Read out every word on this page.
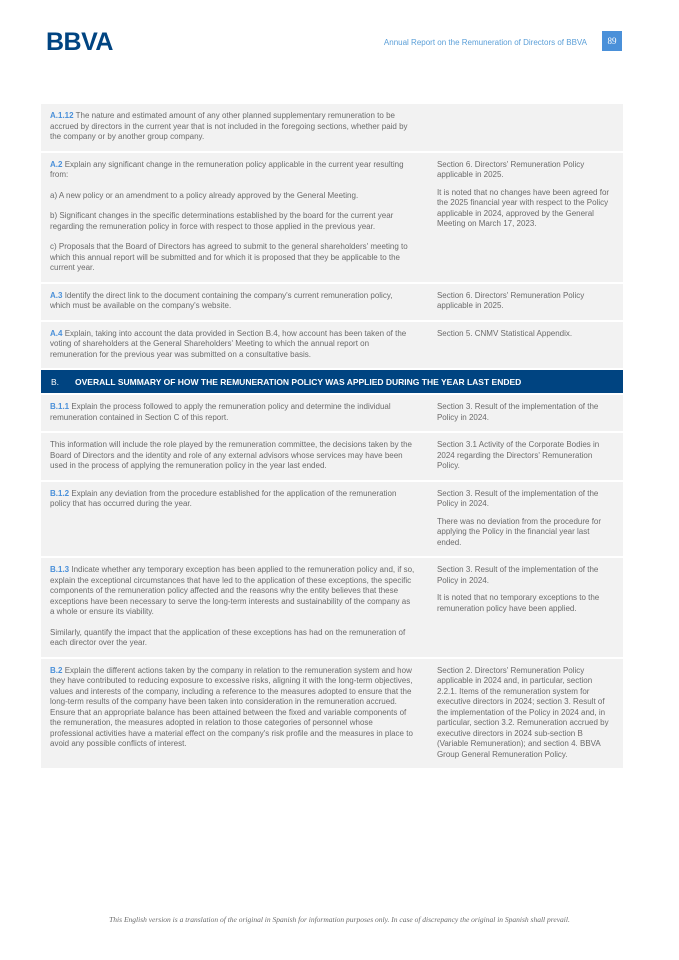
BBVA	Annual Report on the Remuneration of Directors of BBVA	89

A.1.12 The nature and estimated amount of any other planned supplementary remuneration to be accrued by directors in the current year that is not included in the foregoing sections, whether paid by the company or by another group company.

A.2 Explain any significant change in the remuneration policy applicable in the current year resulting from:

a) A new policy or an amendment to a policy already approved by the General Meeting.

b) Significant changes in the specific determinations established by the board for the current year regarding the remuneration policy in force with respect to those applied in the previous year.

c) Proposals that the Board of Directors has agreed to submit to the general shareholders' meeting to which this annual report will be submitted and for which it is proposed that they be applicable to the current year.

Section 6. Directors' Remuneration Policy applicable in 2025.

It is noted that no changes have been agreed for the 2025 financial year with respect to the Policy applicable in 2024, approved by the General Meeting on March 17, 2023.

A.3 Identify the direct link to the document containing the company's current remuneration policy, which must be available on the company's website.

Section 6. Directors' Remuneration Policy applicable in 2025.

A.4 Explain, taking into account the data provided in Section B.4, how account has been taken of the voting of shareholders at the General Shareholders' Meeting to which the annual report on remuneration for the previous year was submitted on a consultative basis.

Section 5. CNMV Statistical Appendix.

B. OVERALL SUMMARY OF HOW THE REMUNERATION POLICY WAS APPLIED DURING THE YEAR LAST ENDED

B.1.1 Explain the process followed to apply the remuneration policy and determine the individual remuneration contained in Section C of this report.

Section 3. Result of the implementation of the Policy in 2024.

This information will include the role played by the remuneration committee, the decisions taken by the Board of Directors and the identity and role of any external advisors whose services may have been used in the process of applying the remuneration policy in the year last ended.

Section 3.1 Activity of the Corporate Bodies in 2024 regarding the Directors' Remuneration Policy.

B.1.2 Explain any deviation from the procedure established for the application of the remuneration policy that has occurred during the year.

Section 3. Result of the implementation of the Policy in 2024.

There was no deviation from the procedure for applying the Policy in the financial year last ended.

B.1.3 Indicate whether any temporary exception has been applied to the remuneration policy and, if so, explain the exceptional circumstances that have led to the application of these exceptions, the specific components of the remuneration policy affected and the reasons why the entity believes that these exceptions have been necessary to serve the long-term interests and sustainability of the company as a whole or ensure its viability.

Similarly, quantify the impact that the application of these exceptions has had on the remuneration of each director over the year.

Section 3. Result of the implementation of the Policy in 2024.

It is noted that no temporary exceptions to the remuneration policy have been applied.

B.2 Explain the different actions taken by the company in relation to the remuneration system and how they have contributed to reducing exposure to excessive risks, aligning it with the long-term objectives, values and interests of the company, including a reference to the measures adopted to ensure that the long-term results of the company have been taken into consideration in the remuneration accrued. Ensure that an appropriate balance has been attained between the fixed and variable components of the remuneration, the measures adopted in relation to those categories of personnel whose professional activities have a material effect on the company's risk profile and the measures in place to avoid any possible conflicts of interest.

Section 2. Directors' Remuneration Policy applicable in 2024 and, in particular, section 2.2.1. Items of the remuneration system for executive directors in 2024; section 3. Result of the implementation of the Policy in 2024 and, in particular, section 3.2. Remuneration accrued by executive directors in 2024 sub-section B (Variable Remuneration); and section 4. BBVA Group General Remuneration Policy.

This English version is a translation of the original in Spanish for information purposes only. In case of discrepancy the original in Spanish shall prevail.
